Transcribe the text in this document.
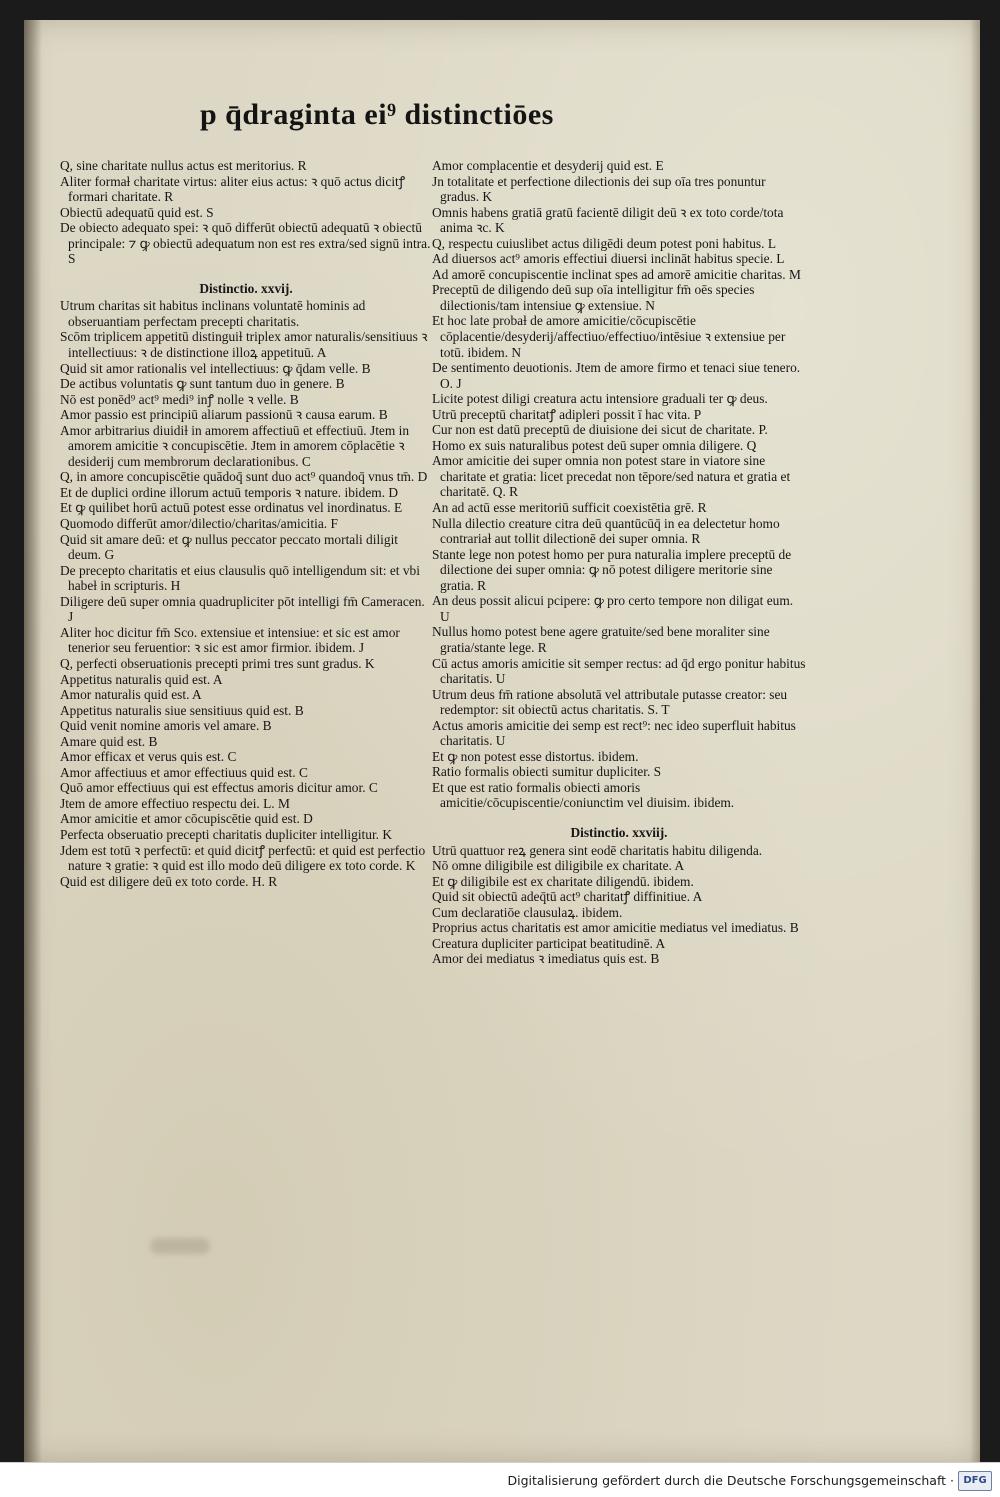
p q̄draginta ei⁹ distinctiōes

Q, sine charitate nullus actus est meritorius. R

Aliter formaƚ charitate virtus: aliter eius actus: ꝛ quō actus dicitꝭ formari charitate. R

Obiectū adequatū quid est. S

De obiecto adequato spei: ꝛ quō differūt obiectū adequatū ꝛ obiectū principale: ⁊ ꝙ obiectū adequatum non est res extra/sed signū intra. S

Distinctio. xxvij.

Utrum charitas sit habitus inclinans voluntatē hominis ad obseruantiam perfectam precepti charitatis.

Scōm triplicem appetitū distinguiƚ triplex amor naturalis/sensitiuus ꝛ intellectiuus: ꝛ de distinctione illoꝝ appetituū. A

Quid sit amor rationalis vel intellectiuus: ꝙ q̄dam velle. B

De actibus voluntatis ꝙ sunt tantum duo in genere. B

Nō est ponēd⁹ act⁹ medi⁹ inꝭ nolle ꝛ velle. B

Amor passio est principiū aliarum passionū ꝛ causa earum. B

Amor arbitrarius diuidiƚ in amorem affectiuū et effectiuū. Jtem in amorem amicitie ꝛ concupiscētie. Jtem in amorem cōplacētie ꝛ desiderij cum membrorum declarationibus. C

Q, in amore concupiscētie quādoq̄ sunt duo act⁹ quandoq̄ vnus tm̄. D

Et de duplici ordine illorum actuū temporis ꝛ nature. ibidem. D

Et ꝙ quilibet horū actuū potest esse ordinatus vel inordinatus. E

Quomodo differūt amor/dilectio/charitas/amicitia. F

Quid sit amare deū: et ꝙ nullus peccator peccato mortali diligit deum. G

De precepto charitatis et eius clausulis quō intelligendum sit: et vbi habeƚ in scripturis. H

Diligere deū super omnia quadrupliciter pōt intelligi fm̄ Cameracen. J

Aliter hoc dicitur fm̄ Sco. extensiue et intensiue: et sic est amor tenerior seu feruentior: ꝛ sic est amor firmior. ibidem. J

Q, perfecti obseruationis precepti primi tres sunt gradus. K

Appetitus naturalis quid est. A

Amor naturalis quid est. A

Appetitus naturalis siue sensitiuus quid est. B

Quid venit nomine amoris vel amare. B

Amare quid est. B

Amor efficax et verus quis est. C

Amor affectiuus et amor effectiuus quid est. C

Quō amor effectiuus qui est effectus amoris dicitur amor. C

Jtem de amore effectiuo respectu dei. L. M

Amor amicitie et amor cōcupiscētie quid est. D

Perfecta obseruatio precepti charitatis dupliciter intelligitur. K

Jdem est totū ꝛ perfectū: et quid dicitꝭ perfectū: et quid est perfectio nature ꝛ gratie: ꝛ quid est illo modo deū diligere ex toto corde. K

Quid est diligere deū ex toto corde. H. R

Amor complacentie et desyderij quid est. E

Jn totalitate et perfectione dilectionis dei sup oīa tres ponuntur gradus. K

Omnis habens gratiā gratū facientē diligit deū ꝛ ex toto corde/tota anima ꝛc. K

Q, respectu cuiuslibet actus diligēdi deum potest poni habitus. L

Ad diuersos act⁹ amoris effectiui diuersi inclināt habitus specie. L

Ad amorē concupiscentie inclinat spes ad amorē amicitie charitas. M

Preceptū de diligendo deū sup oīa intelligitur fm̄ oēs species dilectionis/tam intensiue ꝙ extensiue. N

Et hoc late probaƚ de amore amicitie/cōcupiscētie cōplacentie/desyderij/affectiuo/effectiuo/intēsiue ꝛ extensiue per totū. ibidem. N

De sentimento deuotionis. Jtem de amore firmo et tenaci siue tenero. O. J

Licite potest diligi creatura actu intensiore graduali ter ꝙ deus.

Utrū preceptū charitatꝭ adipleri possit ī hac vita. P

Cur non est datū preceptū de diuisione dei sicut de charitate. P.

Homo ex suis naturalibus potest deū super omnia diligere. Q

Amor amicitie dei super omnia non potest stare in viatore sine charitate et gratia: licet precedat non tēpore/sed natura et gratia et charitatē. Q. R

An ad actū esse meritoriū sufficit coexistētia grē. R

Nulla dilectio creature citra deū quantūcūq̄ in ea delectetur homo contrariaƚ aut tollit dilectionē dei super omnia. R

Stante lege non potest homo per pura naturalia implere preceptū de dilectione dei super omnia: ꝙ nō potest diligere meritorie sine gratia. R

An deus possit alicui pcipere: ꝙ pro certo tempore non diligat eum. U

Nullus homo potest bene agere gratuite/sed bene moraliter sine gratia/stante lege. R

Cū actus amoris amicitie sit semper rectus: ad q̄d ergo ponitur habitus charitatis. U

Utrum deus fm̄ ratione absolutā vel attributale putasse creator: seu redemptor: sit obiectū actus charitatis. S. T

Actus amoris amicitie dei semp est rect⁹: nec ideo superfluit habitus charitatis. U

Et ꝙ non potest esse distortus. ibidem.

Ratio formalis obiecti sumitur dupliciter. S

Et que est ratio formalis obiecti amoris amicitie/cōcupiscentie/coniunctim vel diuisim. ibidem.

Distinctio. xxviij.

Utrū quattuor reꝝ genera sint eodē charitatis habitu diligenda.

Nō omne diligibile est diligibile ex charitate. A

Et ꝙ diligibile est ex charitate diligendū. ibidem.

Quid sit obiectū adeq̄tū act⁹ charitatꝭ diffinitiue. A

Cum declaratiōe clausulaꝝ. ibidem.

Proprius actus charitatis est amor amicitie mediatus vel imediatus. B

Creatura dupliciter participat beatitudinē. A

Amor dei mediatus ꝛ imediatus quis est. B

Digitalisierung gefördert durch die Deutsche Forschungsgemeinschaft · DFG
